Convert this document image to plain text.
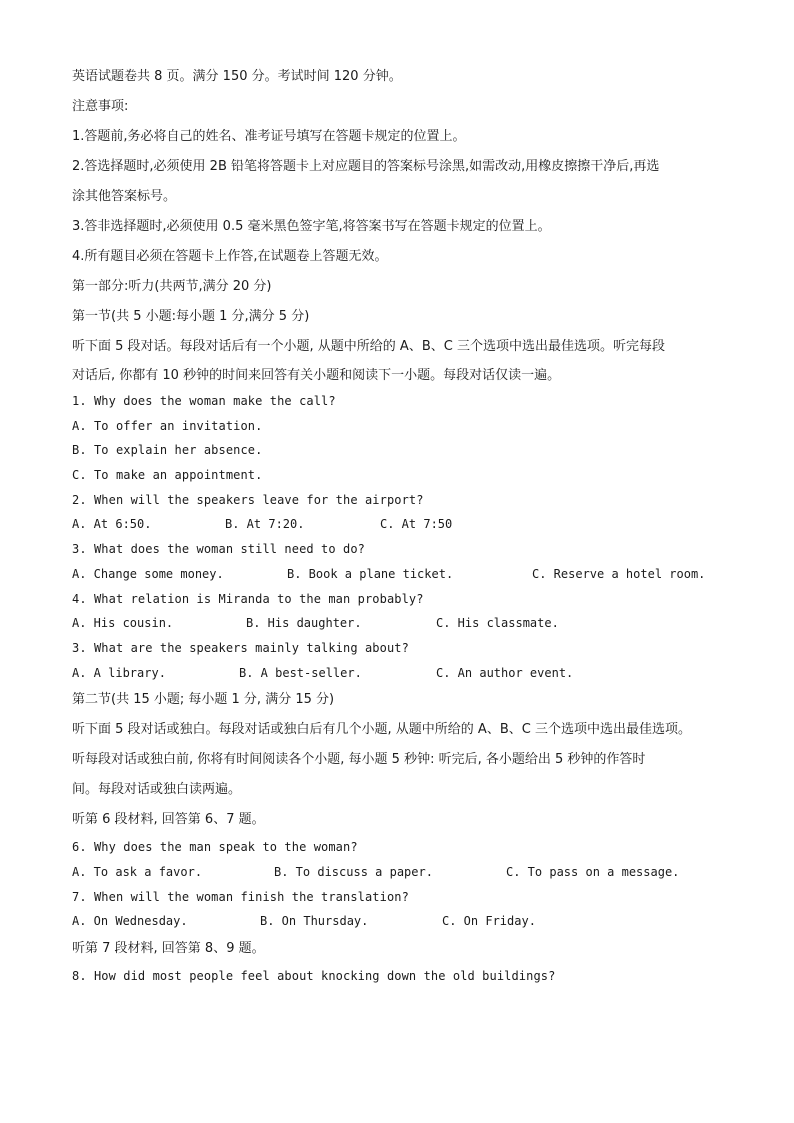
英语试题卷共 8 页。满分 150 分。考试时间 120 分钟。
注意事项:
1.答题前,务必将自己的姓名、准考证号填写在答题卡规定的位置上。
2.答选择题时,必须使用 2B 铅笔将答题卡上对应题目的答案标号涂黑,如需改动,用橡皮擦擦干净后,再选
涂其他答案标号。
3.答非选择题时,必须使用 0.5 毫米黑色签字笔,将答案书写在答题卡规定的位置上。
4.所有题目必须在答题卡上作答,在试题卷上答题无效。
第一部分:听力(共两节,满分 20 分)
第一节(共 5 小题:每小题 1 分,满分 5 分)
听下面 5 段对话。每段对话后有一个小题, 从题中所给的 A、B、C 三个选项中选出最佳选项。听完每段
对话后, 你都有 10 秒钟的时间来回答有关小题和阅读下一小题。每段对话仅读一遍。
1. Why does the woman make the call?
A. To offer an invitation.
B. To explain her absence.
C. To make an appointment.
2. When will the speakers leave for the airport?
A. At 6:50.	B. At 7:20.	C. At 7:50
3. What does the woman still need to do?
A. Change some money.	B. Book a plane ticket.	C. Reserve a hotel room.
4. What relation is Miranda to the man probably?
A. His cousin.	B. His daughter.	C. His classmate.
3. What are the speakers mainly talking about?
A. A library.	B. A best-seller.	C. An author event.
第二节(共 15 小题; 每小题 1 分, 满分 15 分)
听下面 5 段对话或独白。每段对话或独白后有几个小题, 从题中所给的 A、B、C 三个选项中选出最佳选项。
听每段对话或独白前, 你将有时间阅读各个小题, 每小题 5 秒钟: 听完后, 各小题给出 5 秒钟的作答时
间。每段对话或独白读两遍。
听第 6 段材料, 回答第 6、7 题。
6. Why does the man speak to the woman?
A. To ask a favor.	B. To discuss a paper.	C. To pass on a message.
7. When will the woman finish the translation?
A. On Wednesday.	B. On Thursday.	C. On Friday.
听第 7 段材料, 回答第 8、9 题。
8. How did most people feel about knocking down the old buildings?
